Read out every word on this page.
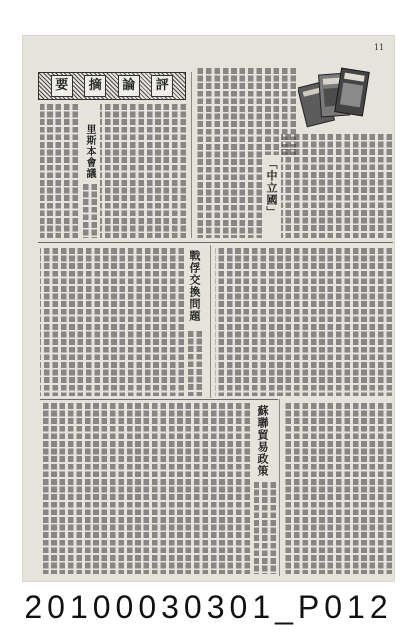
11
要	摘	論	評
里斯本會議
「中立國」
戰俘交換問題
蘇聯貿易政策
20100030301_P012
